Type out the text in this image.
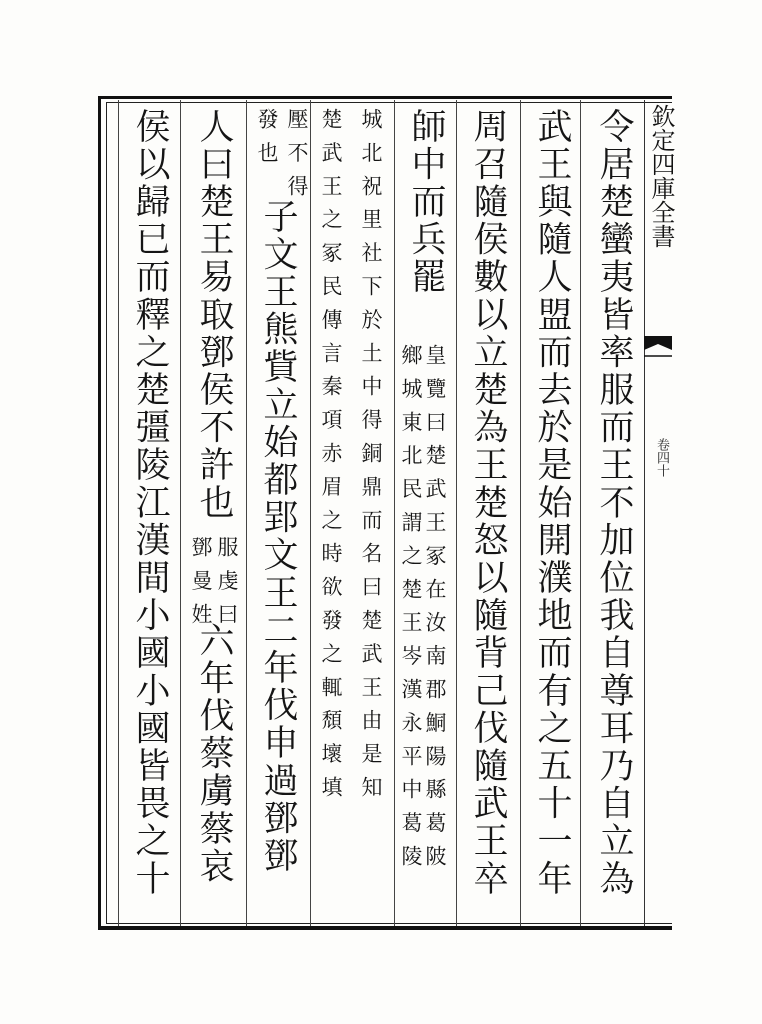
欽定四庫全書
卷四十
令居楚蠻夷皆率服而王不加位我自尊耳乃自立為
武王與隨人盟而去於是始開濮地而有之五十一年
周召隨侯數以立楚為王楚怒以隨背己伐隨武王卒
師中而兵罷
皇覽曰楚武王冢在汝南郡鮦陽縣葛陂
鄉城東北民謂之楚王岑漢永平中葛陵
城北祝里社下於土中得銅鼎而名曰楚武王由是知
楚武王之冢民傳言秦項赤眉之時欲發之輒頹壞填
壓不得
發也
子文王熊貲立始都郢文王二年伐申過鄧鄧
人曰楚王易取鄧侯不許也
服虔曰
鄧曼姓
六年伐蔡虜蔡哀
侯以歸已而釋之楚彊陵江漢間小國小國皆畏之十
